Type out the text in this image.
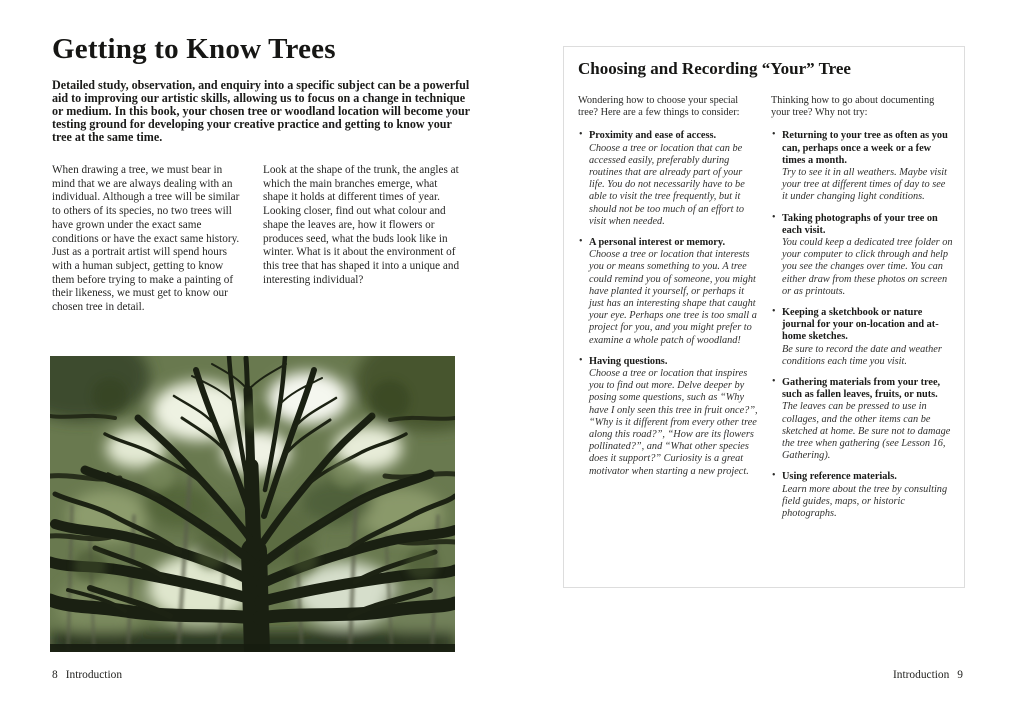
Getting to Know Trees

Detailed study, observation, and enquiry into a specific subject can be a powerful aid to improving our artistic skills, allowing us to focus on a change in technique or medium. In this book, your chosen tree or woodland location will become your testing ground for developing your creative practice and getting to know your tree at the same time.

When drawing a tree, we must bear in mind that we are always dealing with an individual. Although a tree will be similar to others of its species, no two trees will have grown under the exact same conditions or have the exact same history. Just as a portrait artist will spend hours with a human subject, getting to know them before trying to make a painting of their likeness, we must get to know our chosen tree in detail.

Look at the shape of the trunk, the angles at which the main branches emerge, what shape it holds at different times of year. Looking closer, find out what colour and shape the leaves are, how it flowers or produces seed, what the buds look like in winter. What is it about the environment of this tree that has shaped it into a unique and interesting individual?

8 Introduction
Choosing and Recording “Your” Tree

Wondering how to choose your special tree? Here are a few things to consider:

• Proximity and ease of access.
Choose a tree or location that can be accessed easily, preferably during routines that are already part of your life. You do not necessarily have to be able to visit the tree frequently, but it should not be too much of an effort to visit when needed.
• A personal interest or memory.
Choose a tree or location that interests you or means something to you. A tree could remind you of someone, you might have planted it yourself, or perhaps it just has an interesting shape that caught your eye. Perhaps one tree is too small a project for you, and you might prefer to examine a whole patch of woodland!
• Having questions.
Choose a tree or location that inspires you to find out more. Delve deeper by posing some questions, such as “Why have I only seen this tree in fruit once?”, “Why is it different from every other tree along this road?”, “How are its flowers pollinated?”, and “What other species does it support?” Curiosity is a great motivator when starting a new project.

Thinking how to go about documenting your tree? Why not try:

• Returning to your tree as often as you can, perhaps once a week or a few times a month.
Try to see it in all weathers. Maybe visit your tree at different times of day to see it under changing light conditions.
• Taking photographs of your tree on each visit.
You could keep a dedicated tree folder on your computer to click through and help you see the changes over time. You can either draw from these photos on screen or as printouts.
• Keeping a sketchbook or nature journal for your on-location and at-home sketches.
Be sure to record the date and weather conditions each time you visit.
• Gathering materials from your tree, such as fallen leaves, fruits, or nuts.
The leaves can be pressed to use in collages, and the other items can be sketched at home. Be sure not to damage the tree when gathering (see Lesson 16, Gathering).
• Using reference materials.
Learn more about the tree by consulting field guides, maps, or historic photographs.
Introduction 9
